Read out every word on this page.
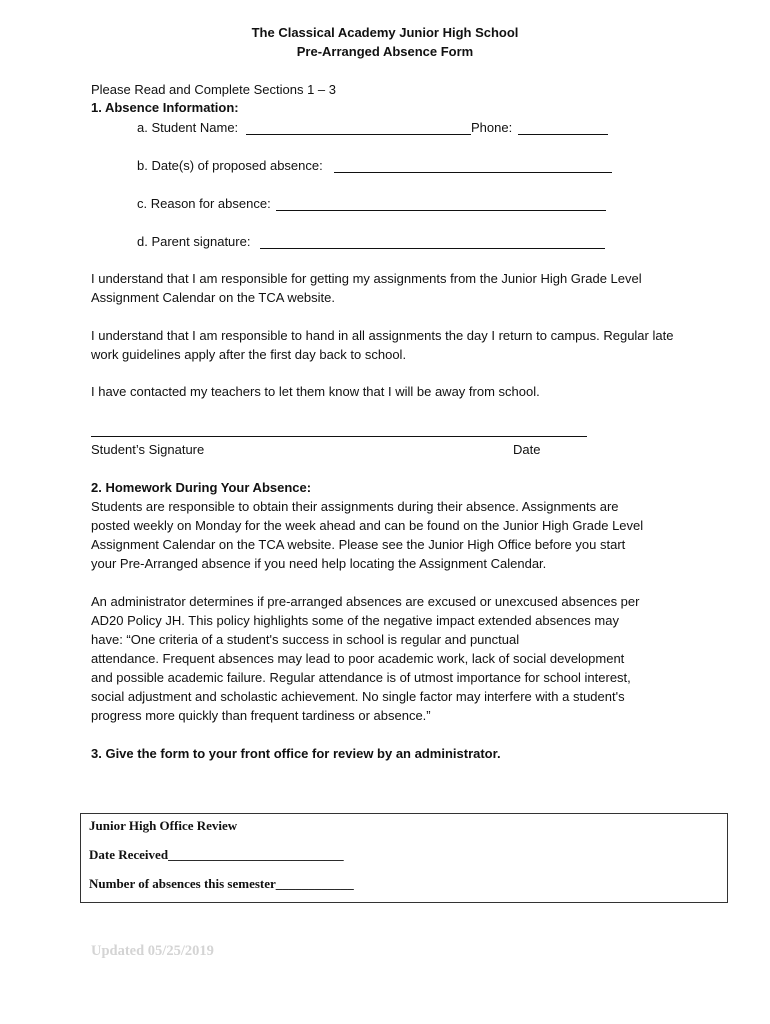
The Classical Academy Junior High School
Pre-Arranged Absence Form
Please Read and Complete Sections 1 – 3
1. Absence Information:
a. Student Name:	Phone:
b. Date(s) of proposed absence:
c. Reason for absence:
d. Parent signature:

I understand that I am responsible for getting my assignments from the Junior High Grade Level Assignment Calendar on the TCA website.

I understand that I am responsible to hand in all assignments the day I return to campus. Regular late work guidelines apply after the first day back to school.

I have contacted my teachers to let them know that I will be away from school.

Student’s Signature	Date
2. Homework During Your Absence:
Students are responsible to obtain their assignments during their absence. Assignments are
posted weekly on Monday for the week ahead and can be found on the Junior High Grade Level
Assignment Calendar on the TCA website. Please see the Junior High Office before you start
your Pre-Arranged absence if you need help locating the Assignment Calendar.
An administrator determines if pre-arranged absences are excused or unexcused absences per
AD20 Policy JH. This policy highlights some of the negative impact extended absences may
have: “One criteria of a student's success in school is regular and punctual
attendance. Frequent absences may lead to poor academic work, lack of social development
and possible academic failure. Regular attendance is of utmost importance for school interest,
social adjustment and scholastic achievement. No single factor may interfere with a student's
progress more quickly than frequent tardiness or absence.”
3. Give the form to your front office for review by an administrator.
Junior High Office Review
Date Received___________________________
Number of absences this semester____________
Updated 05/25/2019
